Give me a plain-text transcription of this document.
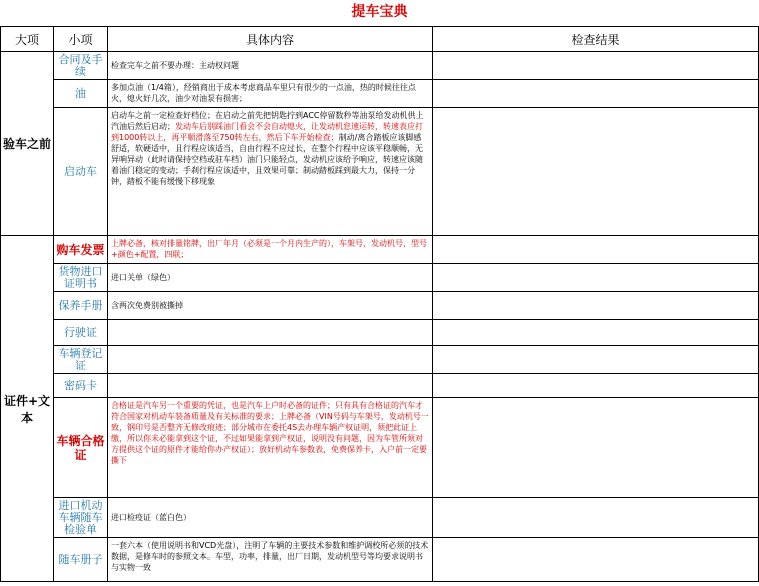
提车宝典
大项	小项	具体内容	检查结果
验车之前	合同及手续	检查完车之前不要办理：主动权问题	
	油	多加点油（1/4箱），经销商出于成本考虑商品车里只有很少的一点油，热的时候往往点火，熄火好几次，油少对油泵有损害；	
	启动车	启动车之前一定检查好档位；在启动之前先把钥匙拧到ACC停留数秒等油泵给发动机供上汽油后然后启动；发动车后别踩油门看会不会自动熄火，让发动机怠速运转，转速表应打到1000转以上，再平顺滑落至750转左右，然后下车开始检查；制动/离合踏板应该脚感舒适，软硬适中，且行程应该适当，自由行程不应过长，在整个行程中应该平稳顺畅，无异响异动（此时请保持空档或驻车档）油门只能轻点，发动机应该给予响应，转速应该随着油门稳定的变动；手刹行程应该适中，且效果可靠；制动踏板踩到最大力，保持一分钟，踏板不能有缓慢下移现象	
证件+文本	购车发票	上牌必备，核对排量铭牌，出厂年月（必须是一个月内生产的），车架号，发动机号，型号+颜色+配置，四联；	
	货物进口证明书	进口关单（绿色）	
	保养手册	含两次免费别被撕掉	
	行驶证		
	车辆登记证		
	密码卡		
	车辆合格证	合格证是汽车另一个重要的凭证，也是汽车上户时必备的证件；只有具有合格证的汽车才符合国家对机动车装备质量及有关标准的要求；上牌必备（VIN号码与车架号，发动机号一致，钢印号是否整齐无修改痕迹；部分城市在委托4S去办理车辆产权证明，须把此证上缴，所以你未必能拿到这个证，不过如果能拿到产权证，说明没有问题，因为车管所须对方提供这个证的原件才能给你办产权证）；放好机动车参数表，免费保养卡，入户前一定要撕下	
	进口机动车辆随车检验单	进口检疫证（蓝白色）	
	随车册子	一套六本（使用说明书和VCD光盘），注明了车辆的主要技术参数和维护调校所必须的技术数据，是修车时的参照文本。车型，功率，排量，出厂日期，发动机型号等均要求说明书与实物一致	
